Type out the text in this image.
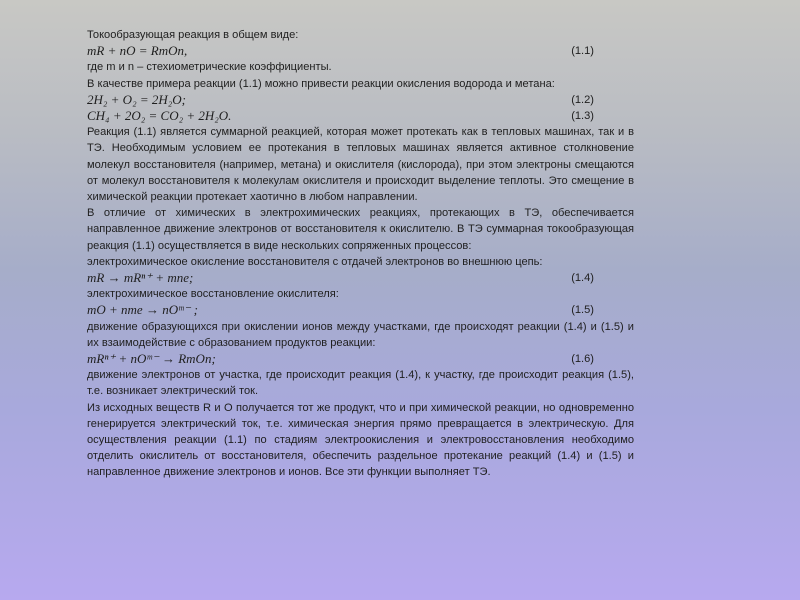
Токообразующая реакция в общем виде:
mR + nO = RmOn,	(1.1)
где m и n – стехиометрические коэффициенты.
В качестве примера реакции (1.1) можно привести реакции окисления водорода и метана:
2H₂ + O₂ = 2H₂O;	(1.2)
CH₄ + 2O₂ = CO₂ + 2H₂O.	(1.3)
Реакция (1.1) является суммарной реакцией, которая может протекать как в тепловых машинах, так и в ТЭ. Необходимым условием ее протекания в тепловых машинах является активное столкновение молекул восстановителя (например, метана) и окислителя (кислорода), при этом электроны смещаются от молекул восстановителя к молекулам окислителя и происходит выделение теплоты. Это смещение в химической реакции протекает хаотично в любом направлении.
В отличие от химических в электрохимических реакциях, протекающих в ТЭ, обеспечивается направленное движение электронов от восстановителя к окислителю. В ТЭ суммарная токообразующая реакция (1.1) осуществляется в виде нескольких сопряженных процессов:
электрохимическое окисление восстановителя с отдачей электронов во внешнюю цепь:
mR → mRⁿ⁺ + mne;	(1.4)
электрохимическое восстановление окислителя:
mO + nme → nOᵐ⁻ ;	(1.5)
движение образующихся при окислении ионов между участками, где происходят реакции (1.4) и (1.5) и их взаимодействие с образованием продуктов реакции:
mRⁿ⁺ + nOᵐ⁻ → RmOn;	(1.6)
движение электронов от участка, где происходит реакция (1.4), к участку, где происходит реакция (1.5), т.е. возникает электрический ток.
Из исходных веществ R и O получается тот же продукт, что и при химической реакции, но одновременно генерируется электрический ток, т.е. химическая энергия прямо превращается в электрическую. Для осуществления реакции (1.1) по стадиям электроокисления и электровосстановления необходимо отделить окислитель от восстановителя, обеспечить раздельное протекание реакций (1.4) и (1.5) и направленное движение электронов и ионов. Все эти функции выполняет ТЭ.
